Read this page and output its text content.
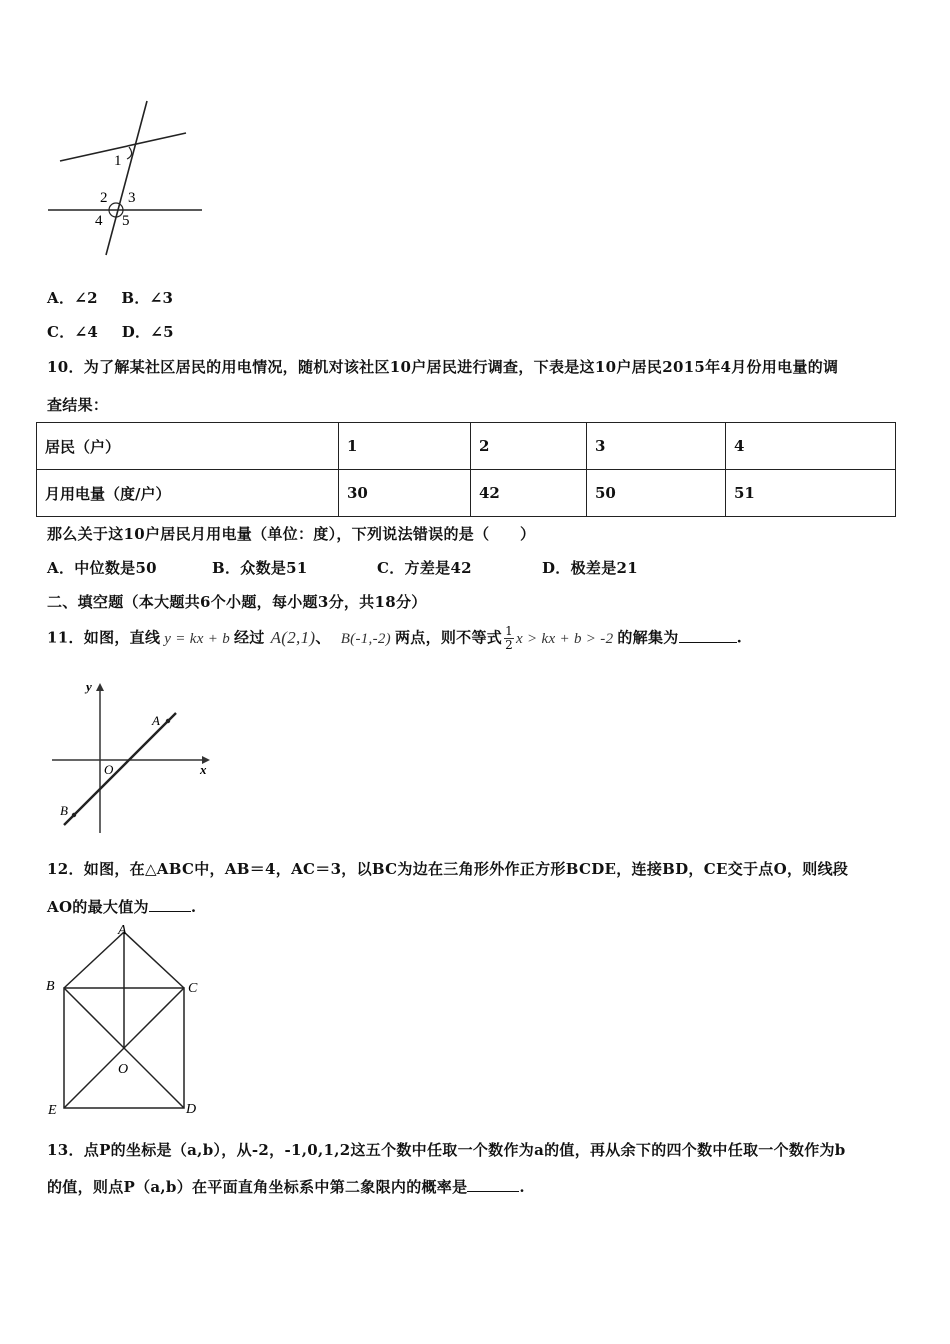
1
2 3
4 5
A．∠2 B．∠3
C．∠4 D．∠5
10．为了解某社区居民的用电情况，随机对该社区10户居民进行调查，下表是这10户居民2015年4月份用电量的调
查结果：
居民（户）	1	2	3	4
月用电量（度/户）	30	42	50	51
那么关于这10户居民月用电量（单位：度），下列说法错误的是（　　）
A．中位数是50	B．众数是51	C．方差是42	D．极差是21
二、填空题（本大题共6个小题，每小题3分，共18分）
11．如图，直线 y = kx + b 经过 A(2,1)、 B(-1,-2) 两点，则不等式 $\frac{1}{2}$ x > kx + b > -2 的解集为	.
y
x
O
A
B
12．如图，在△ABC中，AB＝4，AC＝3，以BC为边在三角形外作正方形BCDE，连接BD，CE交于点O，则线段
AO的最大值为	.
A
B	C
D
E
O
13．点P的坐标是（a,b），从-2，-1,0,1,2这五个数中任取一个数作为a的值，再从余下的四个数中任取一个数作为b
的值，则点P（a,b）在平面直角坐标系中第二象限内的概率是	.
